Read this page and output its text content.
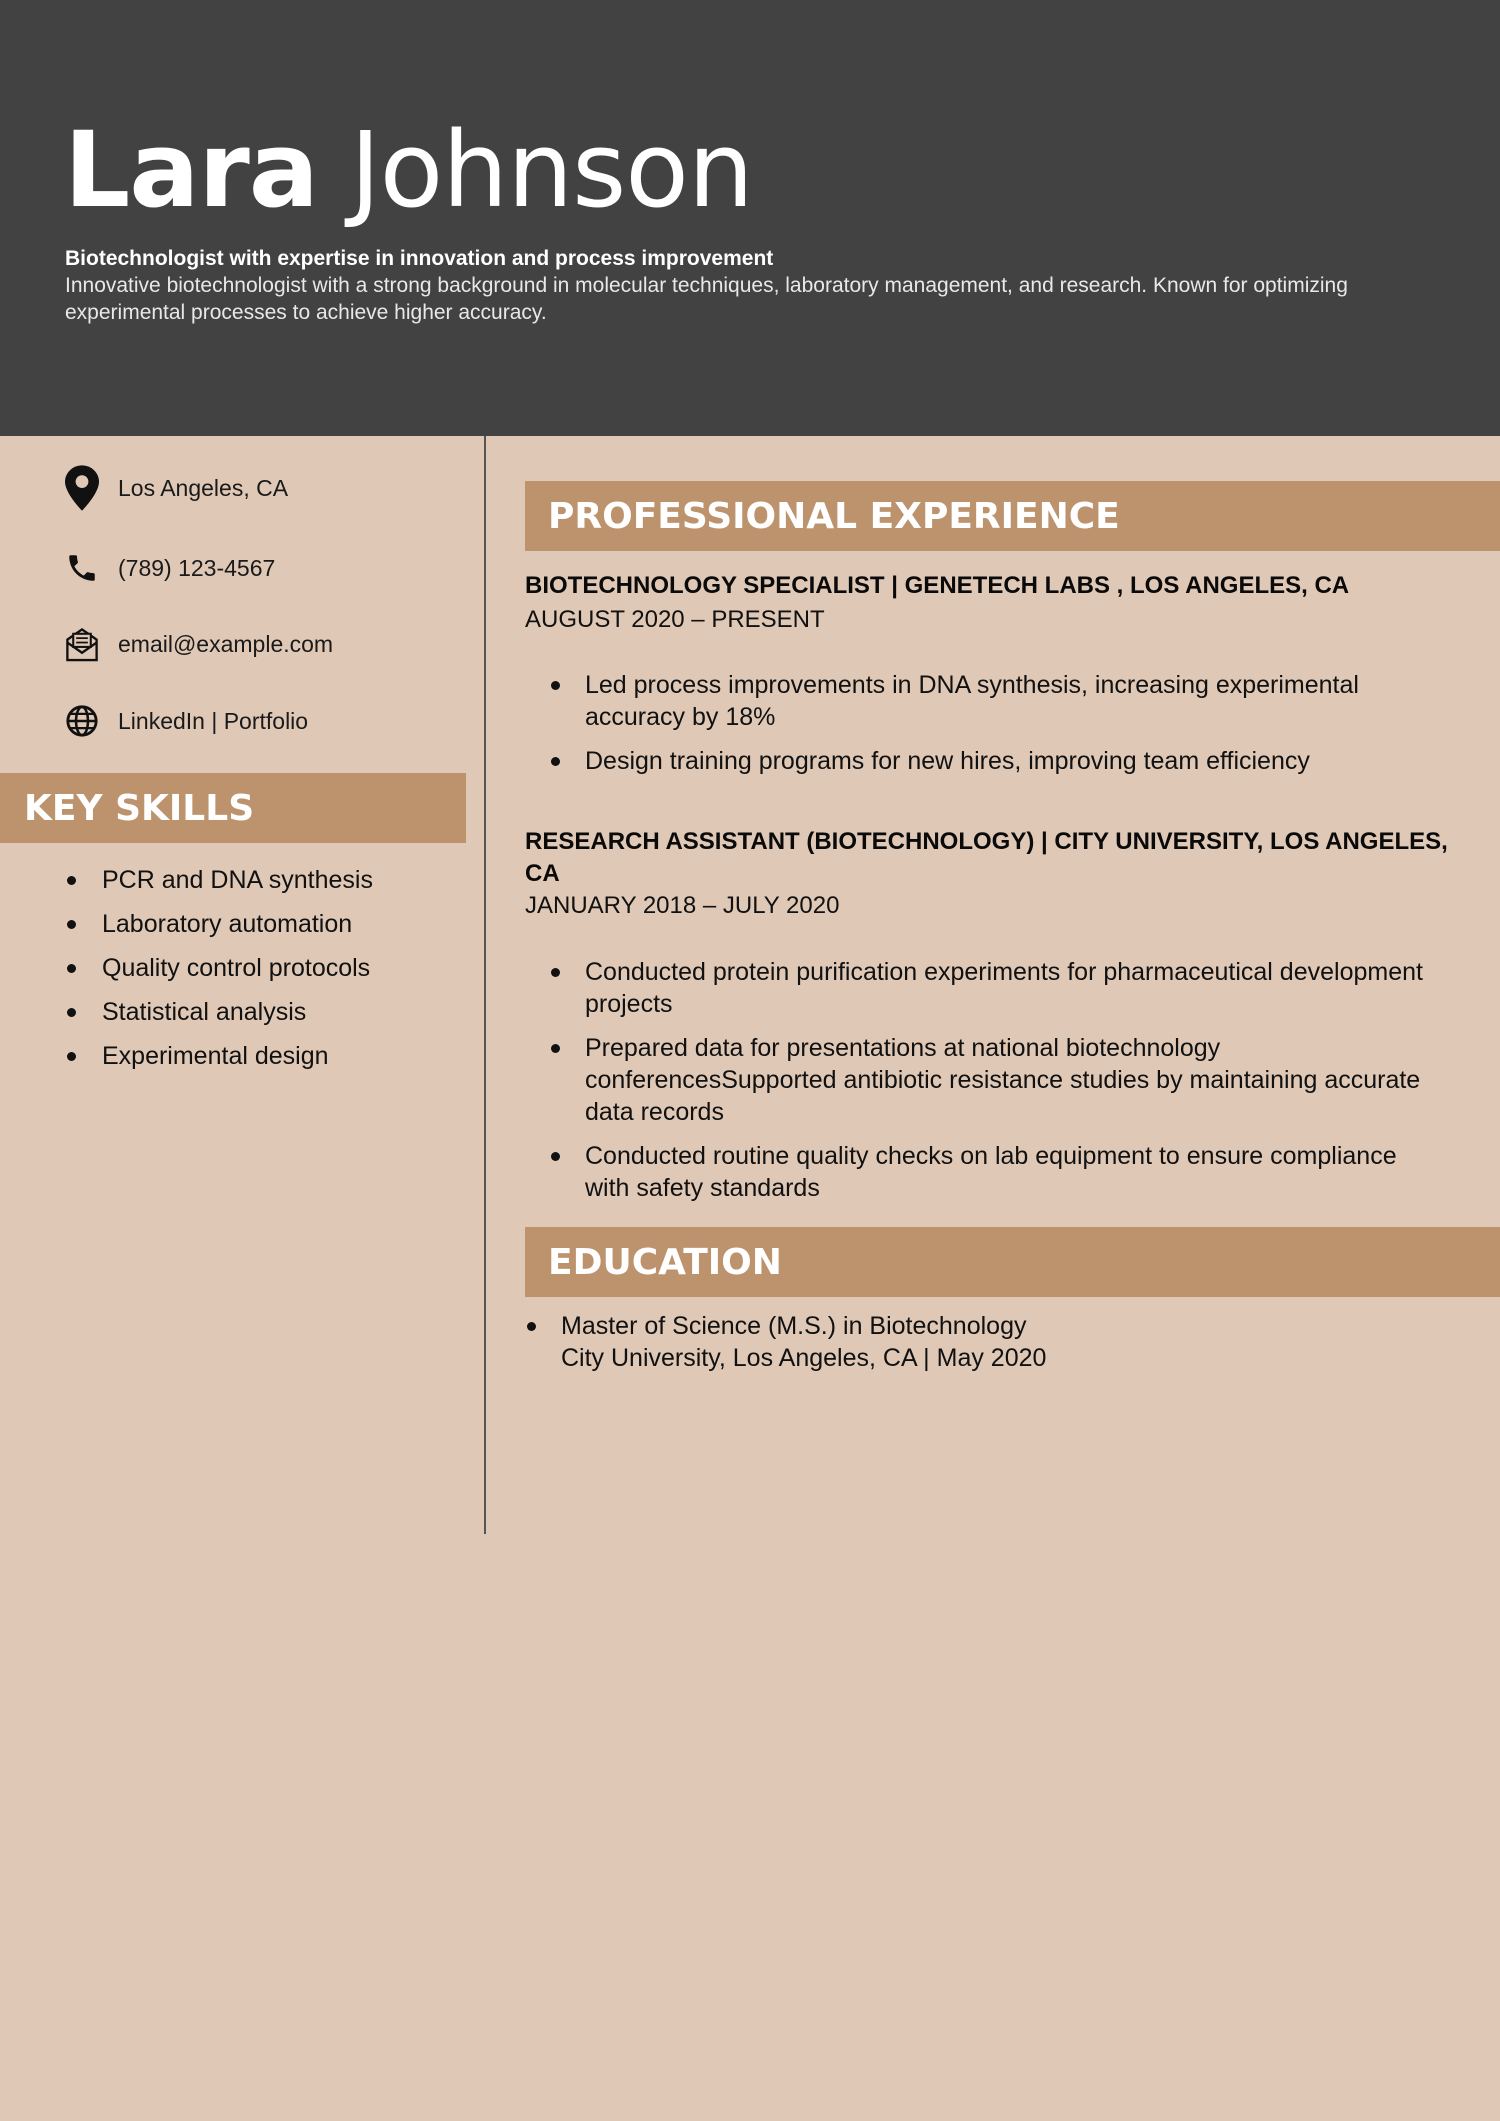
Lara Johnson
Biotechnologist with expertise in innovation and process improvement
Innovative biotechnologist with a strong background in molecular techniques, laboratory management, and research. Known for optimizing experimental processes to achieve higher accuracy.
Los Angeles, CA
(789) 123-4567
email@example.com
LinkedIn | Portfolio
KEY SKILLS
PCR and DNA synthesis
Laboratory automation
Quality control protocols
Statistical analysis
Experimental design
PROFESSIONAL EXPERIENCE
BIOTECHNOLOGY SPECIALIST | GENETECH LABS , LOS ANGELES, CA
AUGUST 2020 – PRESENT
Led process improvements in DNA synthesis, increasing experimental accuracy by 18%
Design training programs for new hires, improving team efficiency
RESEARCH ASSISTANT (BIOTECHNOLOGY) | CITY UNIVERSITY, LOS ANGELES, CA
JANUARY 2018 – JULY 2020
Conducted protein purification experiments for pharmaceutical development projects
Prepared data for presentations at national biotechnology conferencesSupported antibiotic resistance studies by maintaining accurate data records
Conducted routine quality checks on lab equipment to ensure compliance with safety standards
EDUCATION
Master of Science (M.S.) in Biotechnology
City University, Los Angeles, CA | May 2020
